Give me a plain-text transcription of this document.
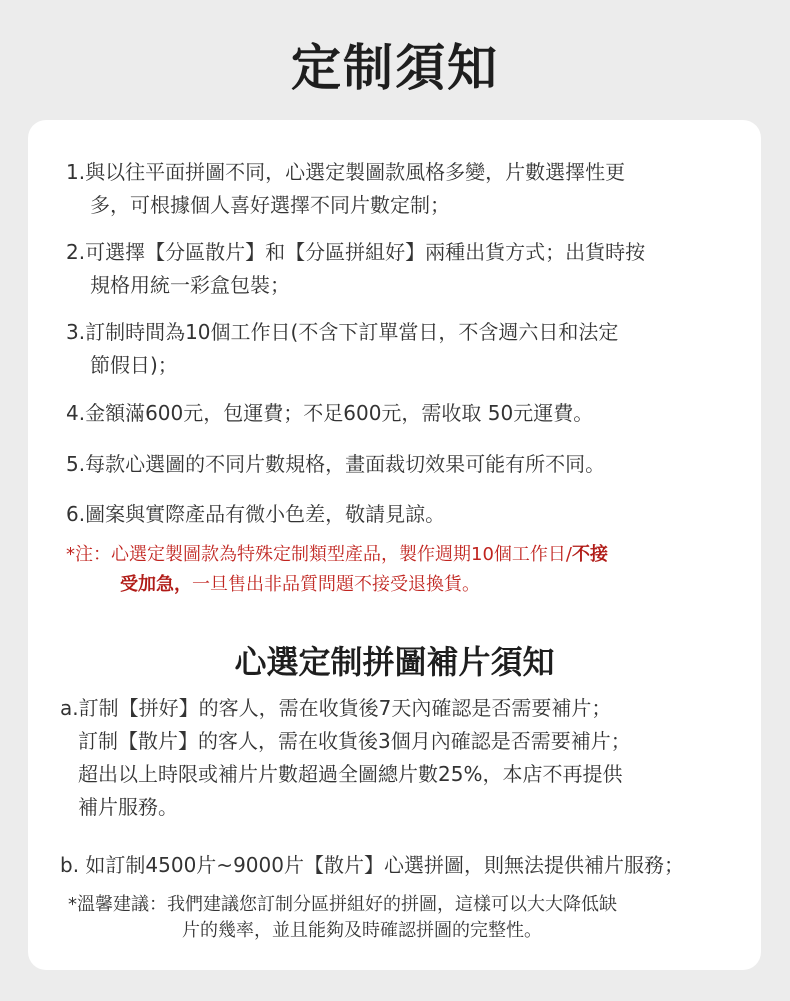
定制須知
1.與以往平面拼圖不同，心選定製圖款風格多變，片數選擇性更
多，可根據個人喜好選擇不同片數定制；
2.可選擇【分區散片】和【分區拼組好】兩種出貨方式；出貨時按
規格用統一彩盒包裝；
3.訂制時間為10個工作日(不含下訂單當日，不含週六日和法定
節假日)；
4.金額滿600元，包運費；不足600元，需收取 50元運費。
5.每款心選圖的不同片數規格，畫面裁切效果可能有所不同。
6.圖案與實際產品有微小色差，敬請見諒。
*注：心選定製圖款為特殊定制類型產品，製作週期10個工作日/不接
受加急，一旦售出非品質問題不接受退換貨。
心選定制拼圖補片須知
a.訂制【拼好】的客人，需在收貨後7天內確認是否需要補片；
訂制【散片】的客人，需在收貨後3個月內確認是否需要補片；
超出以上時限或補片片數超過全圖總片數25%，本店不再提供
補片服務。
b. 如訂制4500片~9000片【散片】心選拼圖，則無法提供補片服務；
*溫馨建議：我們建議您訂制分區拼組好的拼圖，這樣可以大大降低缺
片的幾率，並且能夠及時確認拼圖的完整性。
